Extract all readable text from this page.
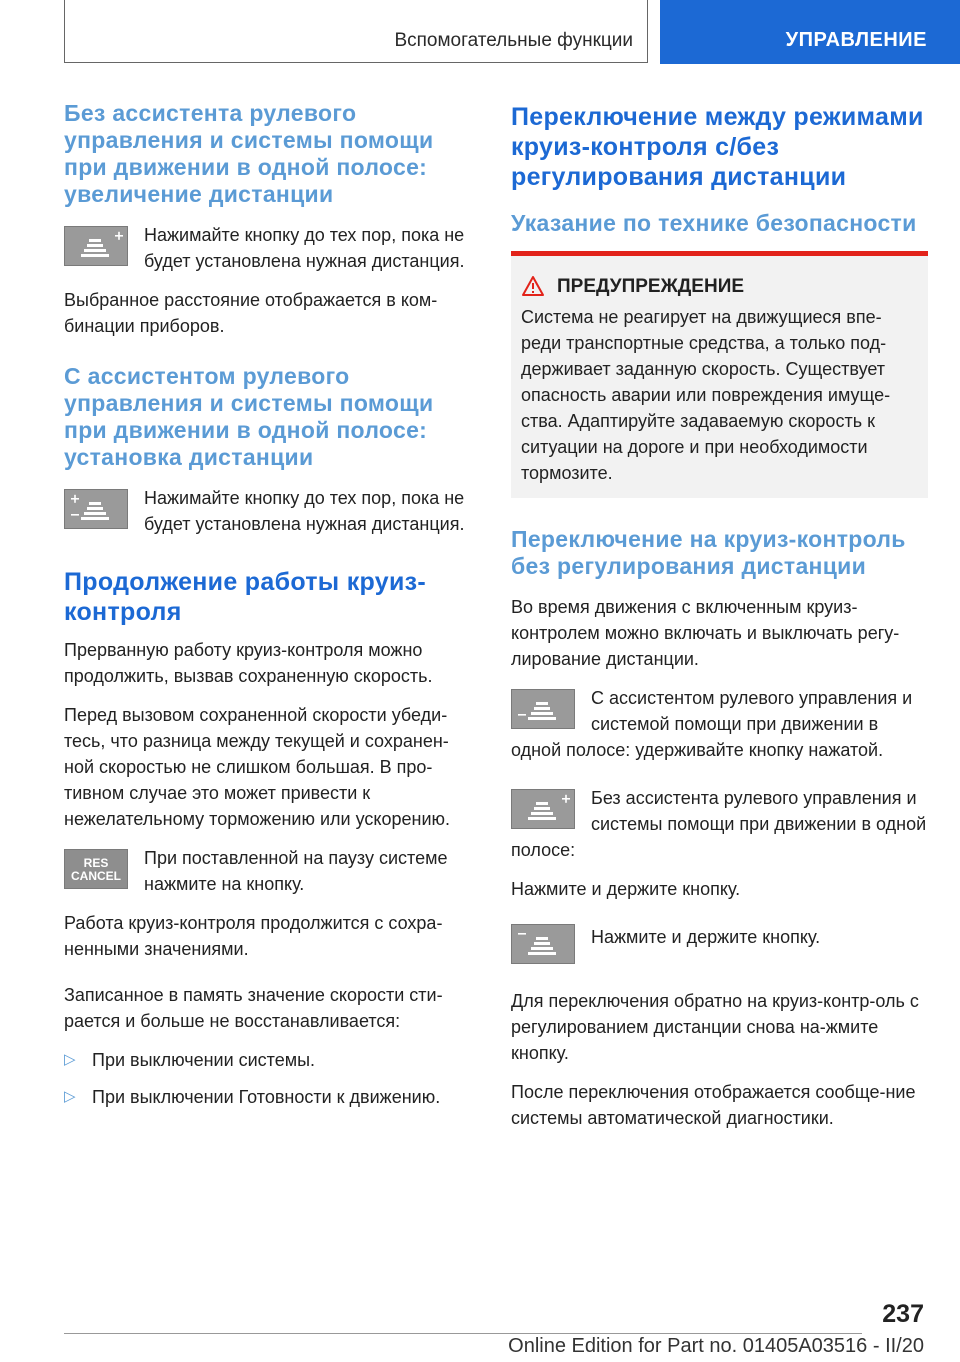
Вспомогательные функции	УПРАВЛЕНИЕ
Без ассистента рулевого управления и системы помощи при движении в одной полосе: увеличение дистанции

Нажимайте кнопку до тех пор, пока не будет установлена нужная дистанция.

Выбранное расстояние отображается в ком-бинации приборов.

С ассистентом рулевого управления и системы помощи при движении в одной полосе: установка дистанции

Нажимайте кнопку до тех пор, пока не будет установлена нужная дистанция.

Продолжение работы круиз-контроля

Прерванную работу круиз-контроля можно продолжить, вызвав сохраненную скорость.

Перед вызовом сохраненной скорости убеди-тесь, что разница между текущей и сохранен-ной скоростью не слишком большая. В про-тивном случае это может привести к нежелательному торможению или ускорению.

RES
CANCEL

При поставленной на паузу системе нажмите на кнопку.

Работа круиз-контроля продолжится с сохра-ненными значениями.

Записанное в память значение скорости сти-рается и больше не восстанавливается:

▷ При выключении системы.
▷ При выключении Готовности к движению.
Переключение между режимами круиз-контроля с/без регулирования дистанции
Указание по технике безопасности
ПРЕДУПРЕЖДЕНИЕ

Система не реагирует на движущиеся впе-реди транспортные средства, а только под-держивает заданную скорость. Существует опасность аварии или повреждения имуще-ства. Адаптируйте задаваемую скорость к ситуации на дороге и при необходимости тормозите.

Переключение на круиз-контроль без регулирования дистанции

Во время движения с включенным круиз-контролем можно включать и выключать регу-лирование дистанции.

С ассистентом рулевого управления и системой помощи при движении в одной полосе: удерживайте кнопку нажатой.

Без ассистента рулевого управления и системы помощи при движении в одной полосе:

Нажмите и держите кнопку.

Нажмите и держите кнопку.

Для переключения обратно на круиз-контр-оль с регулированием дистанции снова на-жмите кнопку.

После переключения отображается сообще-ние системы автоматической диагностики.

237
Online Edition for Part no. 01405A03516 - II/20
